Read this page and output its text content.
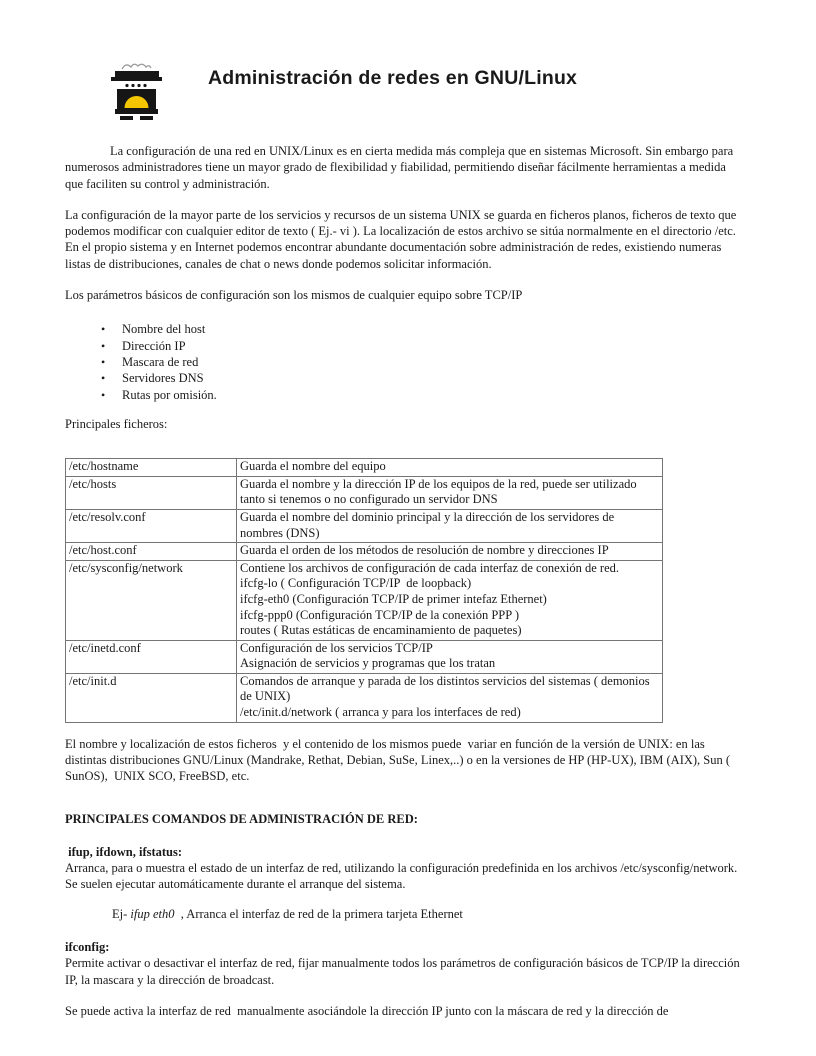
Administración de redes en GNU/Linux

La configuración de una red en UNIX/Linux es en cierta medida más compleja que en sistemas Microsoft. Sin embargo para numerosos administradores tiene un mayor grado de flexibilidad y fiabilidad, permitiendo diseñar fácilmente herramientas a medida que faciliten su control y administración.

La configuración de la mayor parte de los servicios y recursos de un sistema UNIX se guarda en ficheros planos, ficheros de texto que podemos modificar con cualquier editor de texto ( Ej.- vi ). La localización de estos archivo se sitúa normalmente en el directorio /etc. En el propio sistema y en Internet podemos encontrar abundante documentación sobre administración de redes, existiendo numeras listas de distribuciones, canales de chat o news donde podemos solicitar información.

Los parámetros básicos de configuración son los mismos de cualquier equipo sobre TCP/IP

• Nombre del host
• Dirección IP
• Mascara de red
• Servidores DNS
• Rutas por omisión.

Principales ficheros:

/etc/hostname	Guarda el nombre del equipo

/etc/hosts	Guarda el nombre y la dirección IP de los equipos de la red, puede ser utilizado tanto si tenemos o no configurado un servidor DNS

/etc/resolv.conf	Guarda el nombre del dominio principal y la dirección de los servidores de nombres (DNS)

/etc/host.conf	Guarda el orden de los métodos de resolución de nombre y direcciones IP

/etc/sysconfig/network	Contiene los archivos de configuración de cada interfaz de conexión de red.
ifcfg-lo ( Configuración TCP/IP  de loopback)
ifcfg-eth0 (Configuración TCP/IP de primer intefaz Ethernet)
ifcfg-ppp0 (Configuración TCP/IP de la conexión PPP )
routes ( Rutas estáticas de encaminamiento de paquetes)

/etc/inetd.conf	Configuración de los servicios TCP/IP
Asignación de servicios y programas que los tratan

/etc/init.d	Comandos de arranque y parada de los distintos servicios del sistemas ( demonios de UNIX)
/etc/init.d/network ( arranca y para los interfaces de red)

El nombre y localización de estos ficheros  y el contenido de los mismos puede  variar en función de la versión de UNIX: en las distintas distribuciones GNU/Linux (Mandrake, Rethat, Debian, SuSe, Linex,..) o en la versiones de HP (HP-UX), IBM (AIX), Sun ( SunOS),  UNIX SCO, FreeBSD, etc.

PRINCIPALES COMANDOS DE ADMINISTRACIÓN DE RED:

ifup, ifdown, ifstatus:

Arranca, para o muestra el estado de un interfaz de red, utilizando la configuración predefinida en los archivos /etc/sysconfig/network. Se suelen ejecutar automáticamente durante el arranque del sistema.

Ej- ifup eth0  , Arranca el interfaz de red de la primera tarjeta Ethernet

ifconfig:

Permite activar o desactivar el interfaz de red, fijar manualmente todos los parámetros de configuración básicos de TCP/IP la dirección IP, la mascara y la dirección de broadcast.

Se puede activa la interfaz de red  manualmente asociándole la dirección IP junto con la máscara de red y la dirección de
